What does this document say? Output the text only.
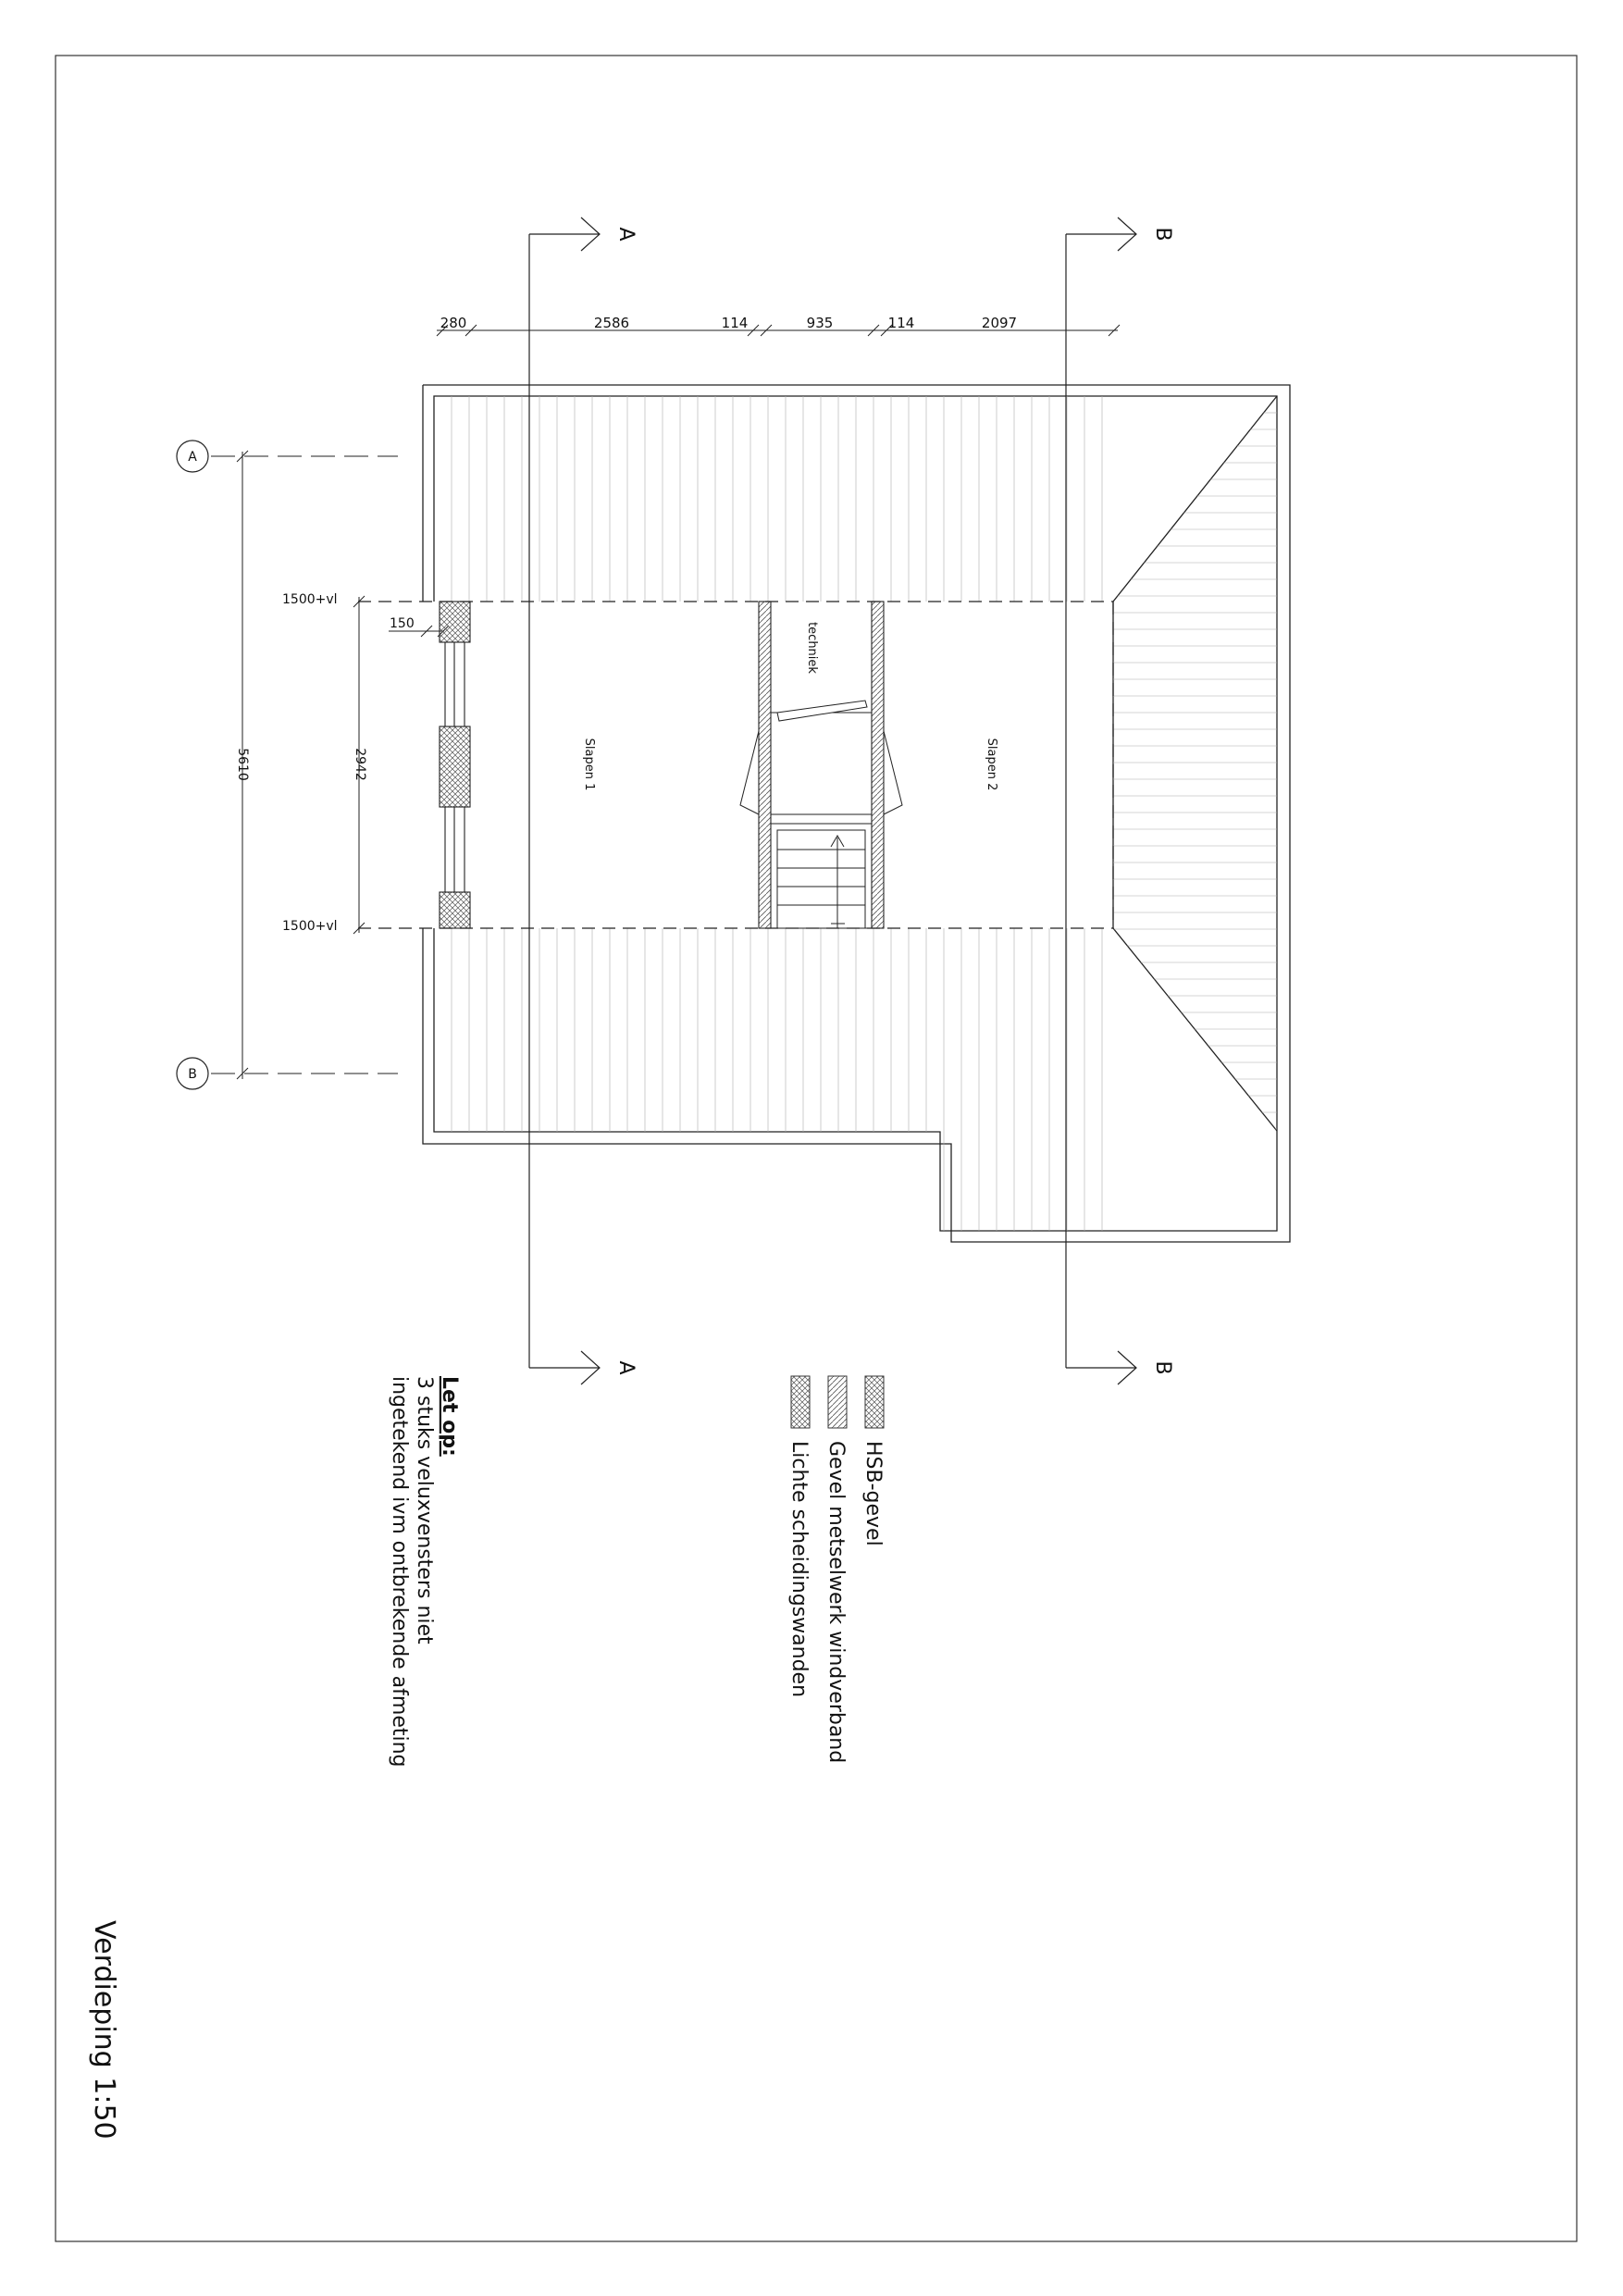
A
B
5610	2942
1500+vl
1500+vl
150
Slapen 1	Slapen 2
techniek
280	2586	114	935	114	2097
A
A
B
B
HSB-gevel
Gevel metselwerk windverband
Lichte scheidingswanden
Let op:
3 stuks veluxvensters niet
ingetekend ivm ontbrekende afmeting
Verdieping 1:50
